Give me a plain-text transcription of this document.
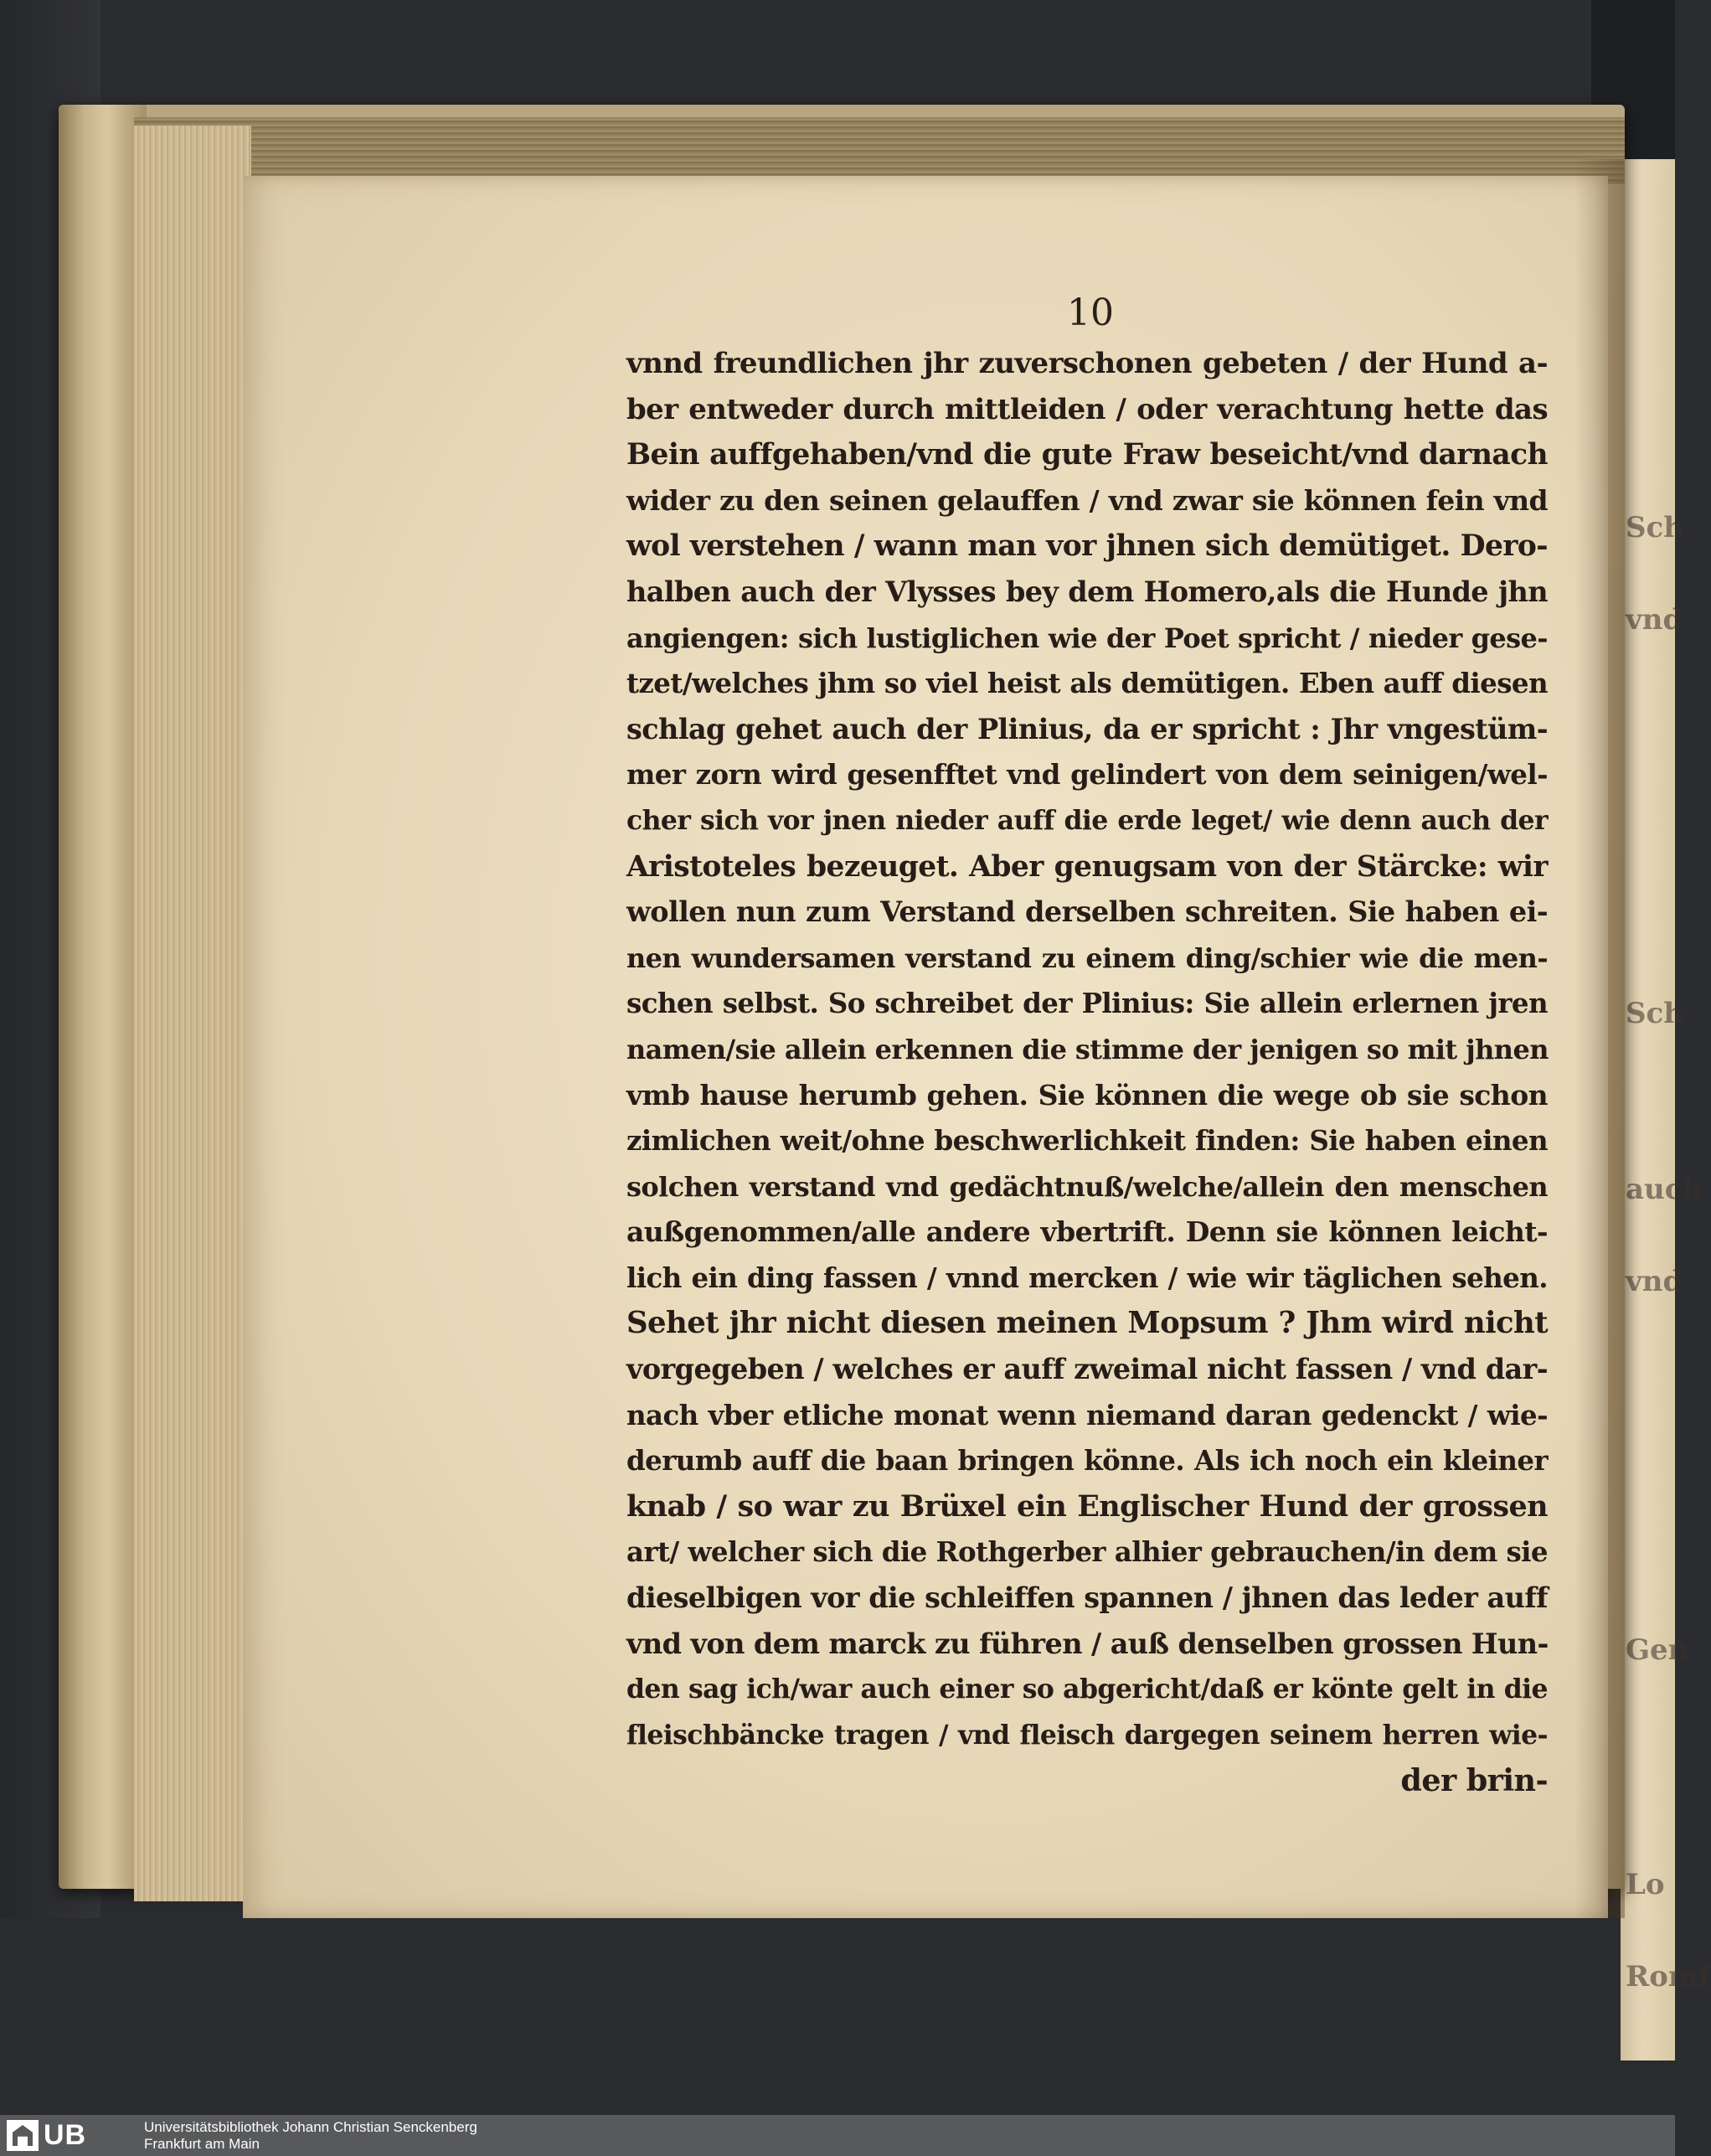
Sch
vnd
Sch
auch
vnd
Gen
Lo
Romf
10
vnnd freundlichen jhr zuverschonen gebeten / der Hund a-
ber entweder durch mittleiden / oder verachtung hette das
Bein auffgehaben/vnd die gute Fraw beseicht/vnd darnach
wider zu den seinen gelauffen / vnd zwar sie können fein vnd
wol verstehen / wann man vor jhnen sich demütiget. Dero-
halben auch der Vlysses bey dem Homero,als die Hunde jhn
angiengen: sich lustiglichen wie der Poet spricht / nieder gese-
tzet/welches jhm so viel heist als demütigen. Eben auff diesen
schlag gehet auch der Plinius, da er spricht : Jhr vngestüm-
mer zorn wird gesenfftet vnd gelindert von dem seinigen/wel-
cher sich vor jnen nieder auff die erde leget/ wie denn auch der
Aristoteles bezeuget. Aber genugsam von der Stärcke: wir
wollen nun zum Verstand derselben schreiten. Sie haben ei-
nen wundersamen verstand zu einem ding/schier wie die men-
schen selbst. So schreibet der Plinius: Sie allein erlernen jren
namen/sie allein erkennen die stimme der jenigen so mit jhnen
vmb hause herumb gehen. Sie können die wege ob sie schon
zimlichen weit/ohne beschwerlichkeit finden: Sie haben einen
solchen verstand vnd gedächtnuß/welche/allein den menschen
außgenommen/alle andere vbertrift. Denn sie können leicht-
lich ein ding fassen / vnnd mercken / wie wir täglichen sehen.
Sehet jhr nicht diesen meinen Mopsum ? Jhm wird nicht
vorgegeben / welches er auff zweimal nicht fassen / vnd dar-
nach vber etliche monat wenn niemand daran gedenckt / wie-
derumb auff die baan bringen könne. Als ich noch ein kleiner
knab / so war zu Brüxel ein Englischer Hund der grossen
art/ welcher sich die Rothgerber alhier gebrauchen/in dem sie
dieselbigen vor die schleiffen spannen / jhnen das leder auff
vnd von dem marck zu führen / auß denselben grossen Hun-
den sag ich/war auch einer so abgericht/daß er könte gelt in die
fleischbäncke tragen / vnd fleisch dargegen seinem herren wie-
der brin-
UB	Universitätsbibliothek Johann Christian Senckenberg
Frankfurt am Main
